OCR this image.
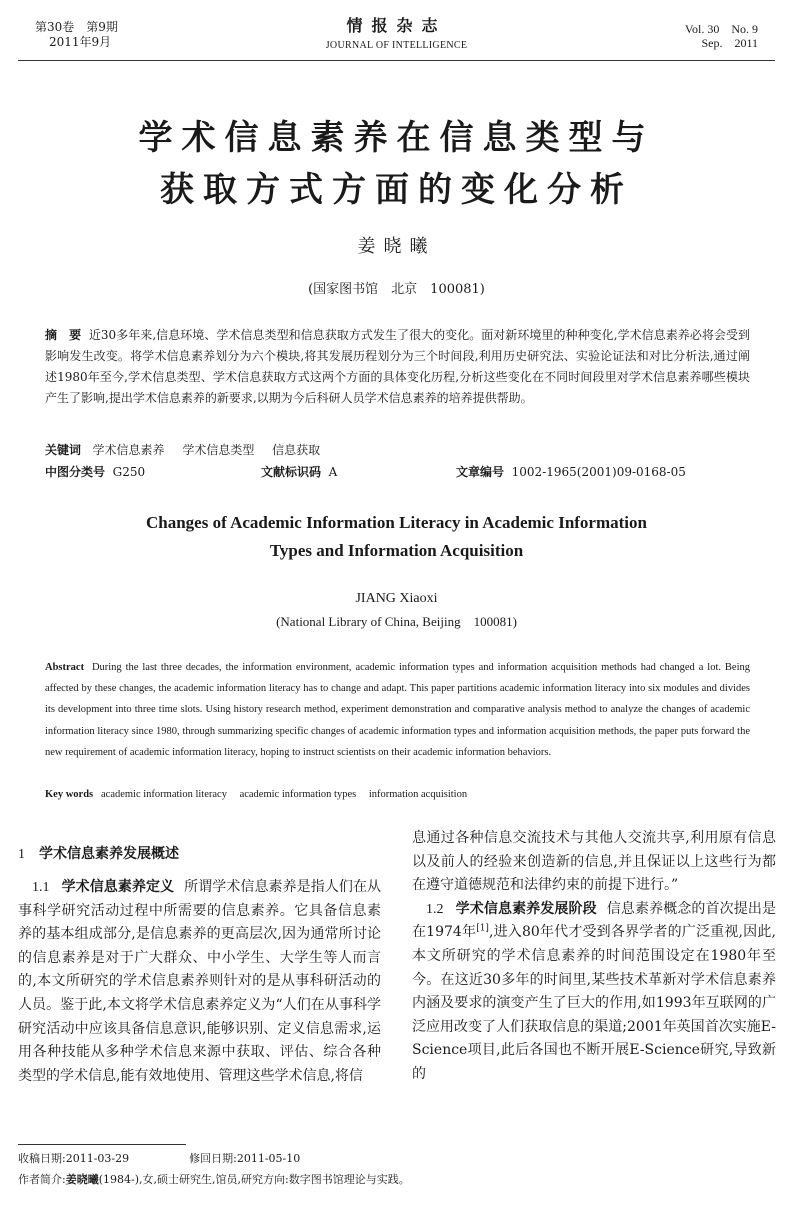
第30卷　第9期
2011年9月
情报杂志
JOURNAL OF INTELLIGENCE
Vol. 30　No. 9
Sep.　2011
学术信息素养在信息类型与
获取方式方面的变化分析
姜晓曦
(国家图书馆　北京　100081)
摘　要 近30多年来,信息环境、学术信息类型和信息获取方式发生了很大的变化。面对新环境里的种种变化,学术信息素养必将会受到影响发生改变。将学术信息素养划分为六个模块,将其发展历程划分为三个时间段,利用历史研究法、实验论证法和对比分析法,通过阐述1980年至今,学术信息类型、学术信息获取方式这两个方面的具体变化历程,分析这些变化在不同时间段里对学术信息素养哪些模块产生了影响,提出学术信息素养的新要求,以期为今后科研人员学术信息素养的培养提供帮助。
关键词 学术信息素养 学术信息类型 信息获取
中图分类号 G250	文献标识码 A	文章编号 1002-1965(2001)09-0168-05
Changes of Academic Information Literacy in Academic Information
Types and Information Acquisition
JIANG Xiaoxi
(National Library of China, Beijing　100081)
Abstract During the last three decades, the information environment, academic information types and information acquisition methods had changed a lot. Being affected by these changes, the academic information literacy has to change and adapt. This paper partitions academic information literacy into six modules and divides its development into three time slots. Using history research method, experiment demonstration and comparative analysis method to analyze the changes of academic information literacy since 1980, through summarizing specific changes of academic information types and information acquisition methods, the paper puts forward the new requirement of academic information literacy, hoping to instruct scientists on their academic information behaviors.
Key words academic information literacy academic information types information acquisition
1 学术信息素养发展概述
1.1 学术信息素养定义 所谓学术信息素养是指人们在从事科学研究活动过程中所需要的信息素养。它具备信息素养的基本组成部分,是信息素养的更高层次,因为通常所讨论的信息素养是对于广大群众、中小学生、大学生等人而言的,本文所研究的学术信息素养则针对的是从事科研活动的人员。鉴于此,本文将学术信息素养定义为“人们在从事科学研究活动中应该具备信息意识,能够识别、定义信息需求,运用各种技能从多种学术信息来源中获取、评估、综合各种类型的学术信息,能有效地使用、管理这些学术信息,将信
息通过各种信息交流技术与其他人交流共享,利用原有信息以及前人的经验来创造新的信息,并且保证以上这些行为都在遵守道德规范和法律约束的前提下进行。”
1.2 学术信息素养发展阶段 信息素养概念的首次提出是在1974年[1],进入80年代才受到各界学者的广泛重视,因此,本文所研究的学术信息素养的时间范围设定在1980年至今。在这近30多年的时间里,某些技术革新对学术信息素养内涵及要求的演变产生了巨大的作用,如1993年互联网的广泛应用改变了人们获取信息的渠道;2001年英国首次实施E-Science项目,此后各国也不断开展E-Science研究,导致新的
收稿日期:2011-03-29	修回日期:2011-05-10
作者简介:姜晓曦(1984-),女,硕士研究生,馆员,研究方向:数字图书馆理论与实践。
